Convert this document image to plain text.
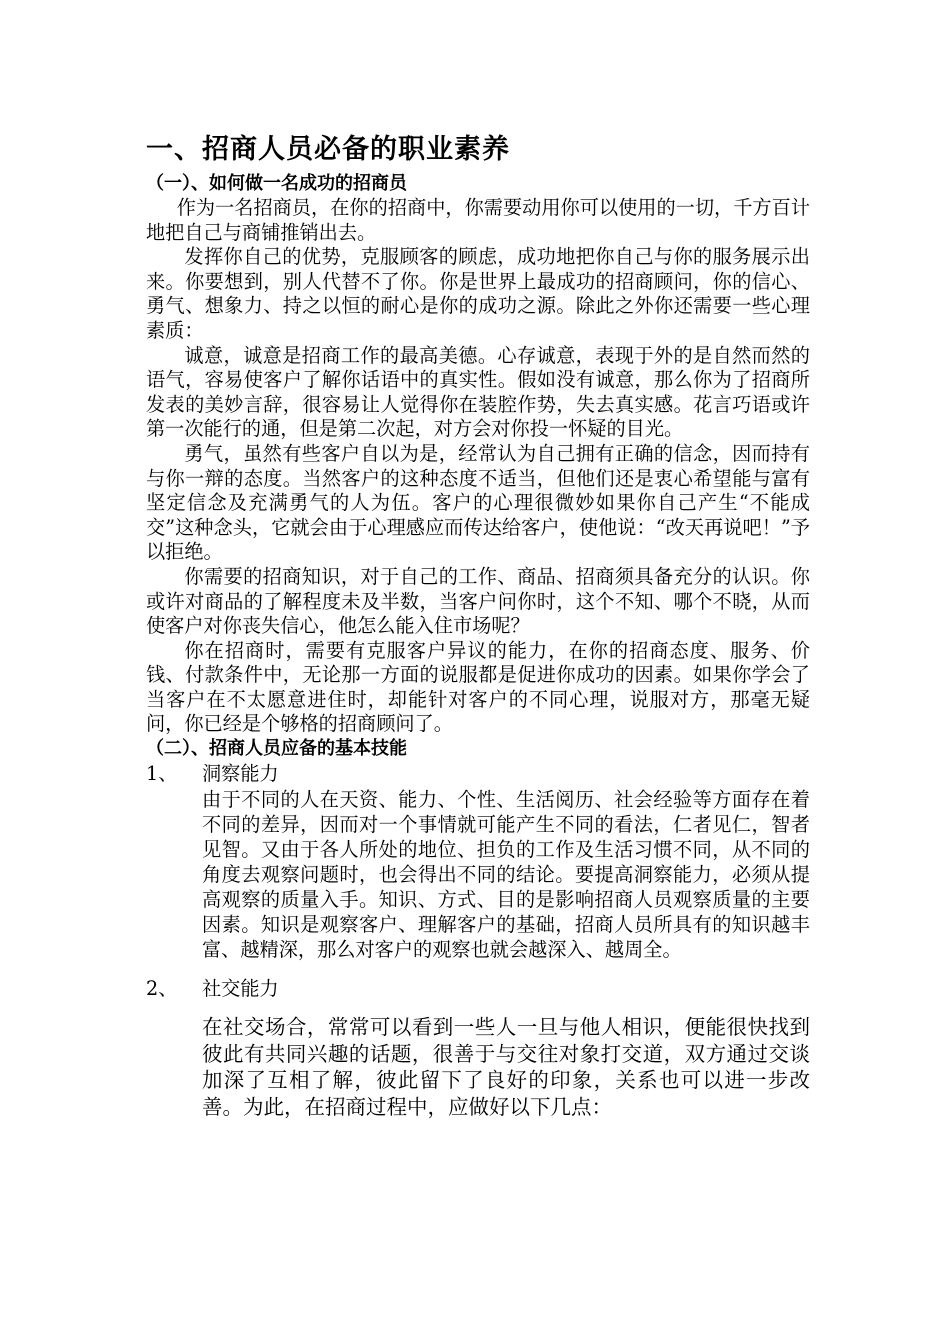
一、招商人员必备的职业素养
（一）、如何做一名成功的招商员

作为一名招商员，在你的招商中，你需要动用你可以使用的一切，千方百计地把自己与商铺推销出去。

发挥你自己的优势，克服顾客的顾虑，成功地把你自己与你的服务展示出来。你要想到，别人代替不了你。你是世界上最成功的招商顾问，你的信心、勇气、想象力、持之以恒的耐心是你的成功之源。除此之外你还需要一些心理素质：

诚意，诚意是招商工作的最高美德。心存诚意，表现于外的是自然而然的语气，容易使客户了解你话语中的真实性。假如没有诚意，那么你为了招商所发表的美妙言辞，很容易让人觉得你在装腔作势，失去真实感。花言巧语或许第一次能行的通，但是第二次起，对方会对你投一怀疑的目光。

勇气，虽然有些客户自以为是，经常认为自己拥有正确的信念，因而持有与你一辩的态度。当然客户的这种态度不适当，但他们还是衷心希望能与富有坚定信念及充满勇气的人为伍。客户的心理很微妙如果你自己产生“不能成交”这种念头，它就会由于心理感应而传达给客户，使他说：“改天再说吧！”予以拒绝。

你需要的招商知识，对于自己的工作、商品、招商须具备充分的认识。你或许对商品的了解程度未及半数，当客户问你时，这个不知、哪个不晓，从而使客户对你丧失信心，他怎么能入住市场呢？

你在招商时，需要有克服客户异议的能力，在你的招商态度、服务、价钱、付款条件中，无论那一方面的说服都是促进你成功的因素。如果你学会了当客户在不太愿意进住时，却能针对客户的不同心理，说服对方，那毫无疑问，你已经是个够格的招商顾问了。

（二）、招商人员应备的基本技能
1、	洞察能力
由于不同的人在天资、能力、个性、生活阅历、社会经验等方面存在着不同的差异，因而对一个事情就可能产生不同的看法，仁者见仁，智者见智。又由于各人所处的地位、担负的工作及生活习惯不同，从不同的角度去观察问题时，也会得出不同的结论。要提高洞察能力，必须从提高观察的质量入手。知识、方式、目的是影响招商人员观察质量的主要因素。知识是观察客户、理解客户的基础，招商人员所具有的知识越丰富、越精深，那么对客户的观察也就会越深入、越周全。
2、	社交能力
在社交场合，常常可以看到一些人一旦与他人相识，便能很快找到彼此有共同兴趣的话题，很善于与交往对象打交道，双方通过交谈加深了互相了解，彼此留下了良好的印象，关系也可以进一步改善。为此，在招商过程中，应做好以下几点：
